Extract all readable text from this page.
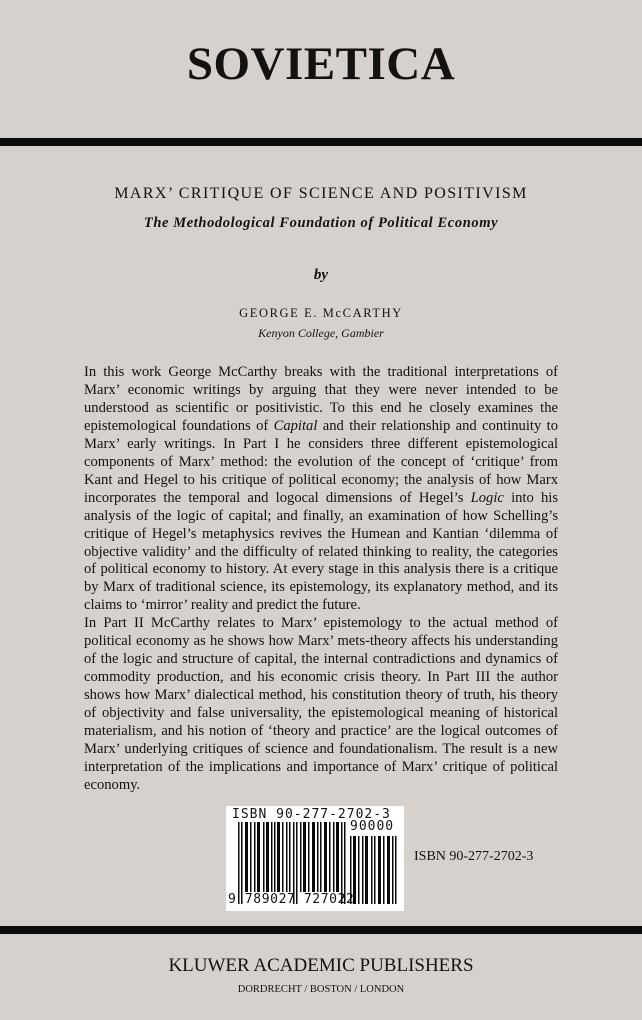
SOVIETICA
MARX’ CRITIQUE OF SCIENCE AND POSITIVISM
The Methodological Foundation of Political Economy
by
GEORGE E. McCARTHY
Kenyon College, Gambier

In this work George McCarthy breaks with the traditional interpretations of Marx’ economic writings by arguing that they were never intended to be understood as scientific or positivistic. To this end he closely examines the epistemological foundations of Capital and their relationship and continuity to Marx’ early writings. In Part I he considers three different epistemological components of Marx’ method: the evolution of the concept of ‘critique’ from Kant and Hegel to his critique of political economy; the analysis of how Marx incorporates the temporal and logocal dimensions of Hegel’s Logic into his analysis of the logic of capital; and finally, an examination of how Schelling’s critique of Hegel’s metaphysics revives the Humean and Kantian ‘dilemma of objective validity’ and the difficulty of related thinking to reality, the categories of political economy to history. At every stage in this analysis there is a critique by Marx of traditional science, its epistemology, its explanatory method, and its claims to ‘mirror’ reality and predict the future.

In Part II McCarthy relates to Marx’ epistemology to the actual method of political economy as he shows how Marx’ mets-theory affects his understanding of the logic and structure of capital, the internal contradictions and dynamics of commodity production, and his economic crisis theory. In Part III the author shows how Marx’ dialectical method, his constitution theory of truth, his theory of objectivity and false universality, the epistemological meaning of historical materialism, and his notion of ‘theory and practice’ are the logical outcomes of Marx’ underlying critiques of science and foundationalism. The result is a new interpretation of the implications and importance of Marx’ critique of political economy.

ISBN 90-277-2702-3
90000
9 789027 727022
ISBN 90-277-2702-3
KLUWER ACADEMIC PUBLISHERS
DORDRECHT / BOSTON / LONDON
